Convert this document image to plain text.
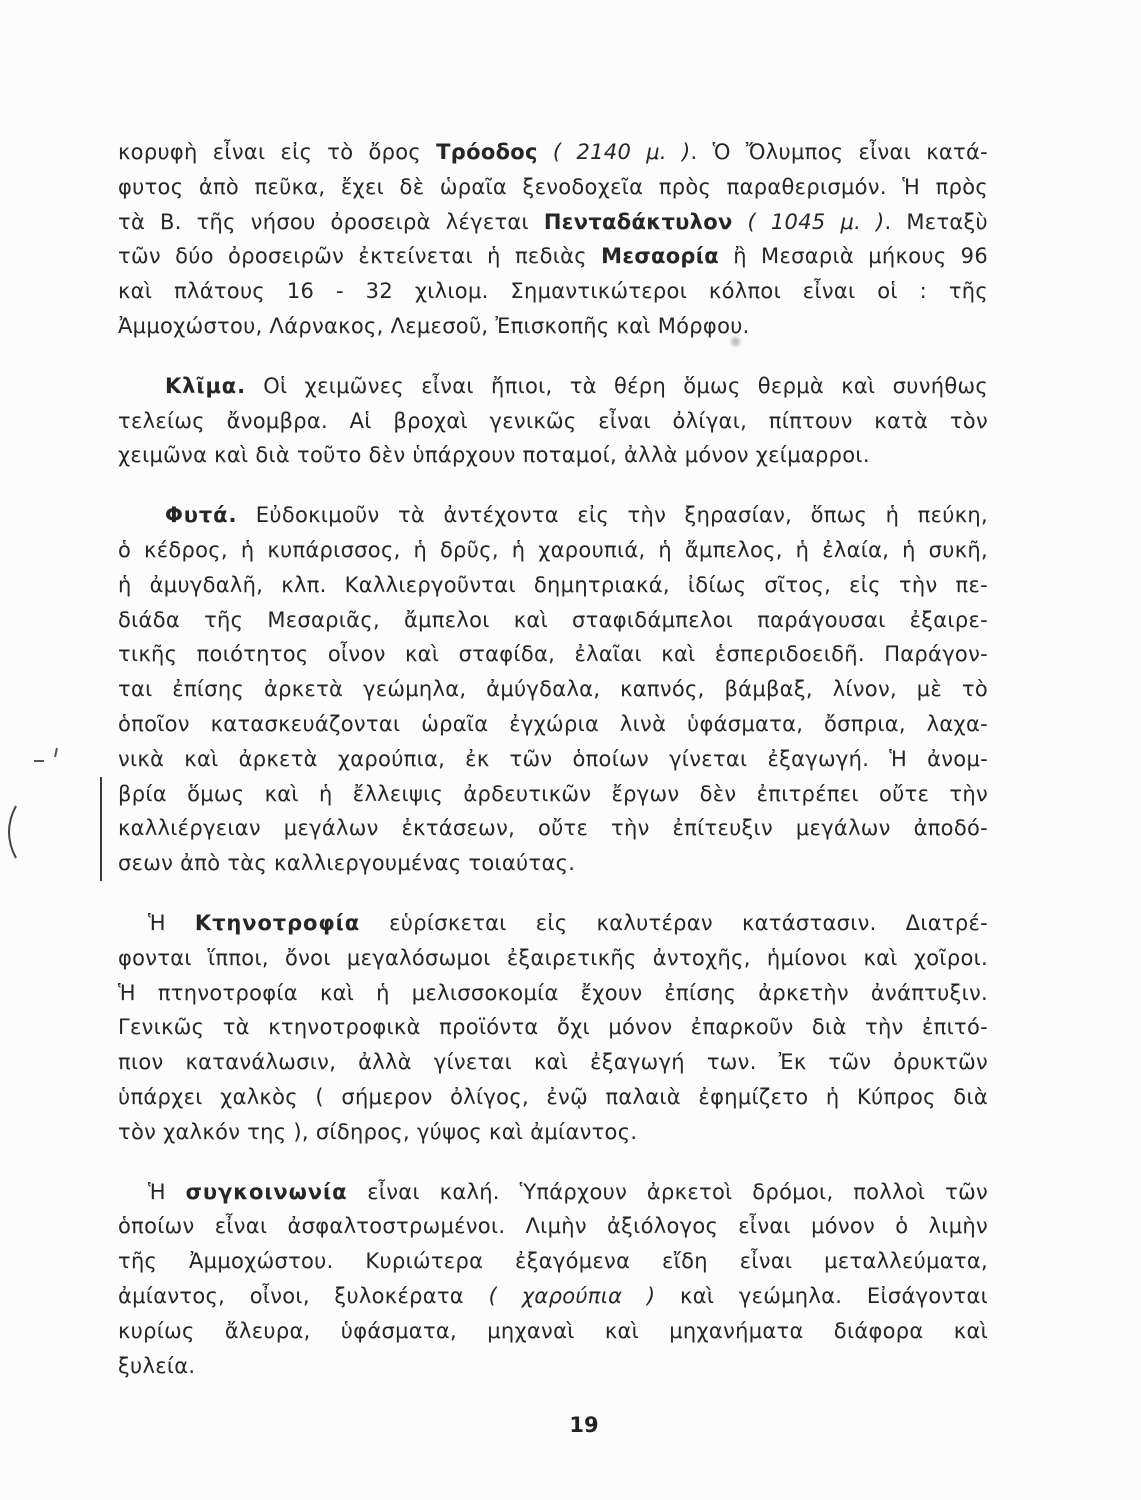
κορυφὴ εἶναι εἰς τὸ ὄρος Τρόοδος ( 2140 μ. ). Ὁ Ὄλυμπος εἶναι κατά-
φυτος ἀπὸ πεῦκα, ἔχει δὲ ὡραῖα ξενοδοχεῖα πρὸς παραθερισμόν. Ἡ πρὸς
τὰ Β. τῆς νήσου ὀροσειρὰ λέγεται Πενταδάκτυλον ( 1045 μ. ). Μεταξὺ
τῶν δύο ὀροσειρῶν ἐκτείνεται ἡ πεδιὰς Μεσαορία ἢ Μεσαριὰ μήκους 96
καὶ πλάτους 16 - 32 χιλιομ. Σημαντικώτεροι κόλποι εἶναι οἱ : τῆς
Ἀμμοχώστου, Λάρνακος, Λεμεσοῦ, Ἐπισκοπῆς καὶ Μόρφου.
Κλῖμα. Οἱ χειμῶνες εἶναι ἤπιοι, τὰ θέρη ὅμως θερμὰ καὶ συνήθως
τελείως ἄνομβρα. Αἱ βροχαὶ γενικῶς εἶναι ὀλίγαι, πίπτουν κατὰ τὸν
χειμῶνα καὶ διὰ τοῦτο δὲν ὑπάρχουν ποταμοί, ἀλλὰ μόνον χείμαρροι.
Φυτά. Εὐδοκιμοῦν τὰ ἀντέχοντα εἰς τὴν ξηρασίαν, ὅπως ἡ πεύκη,
ὁ κέδρος, ἡ κυπάρισσος, ἡ δρῦς, ἡ χαρουπιά, ἡ ἄμπελος, ἡ ἐλαία, ἡ συκῆ,
ἡ ἀμυγδαλῆ, κλπ. Καλλιεργοῦνται δημητριακά, ἰδίως σῖτος, εἰς τὴν πε-
διάδα τῆς Μεσαριᾶς, ἄμπελοι καὶ σταφιδάμπελοι παράγουσαι ἐξαιρε-
τικῆς ποιότητος οἶνον καὶ σταφίδα, ἐλαῖαι καὶ ἑσπεριδοειδῆ. Παράγον-
ται ἐπίσης ἀρκετὰ γεώμηλα, ἀμύγδαλα, καπνός, βάμβαξ, λίνον, μὲ τὸ
ὁποῖον κατασκευάζονται ὡραῖα ἐγχώρια λινὰ ὑφάσματα, ὄσπρια, λαχα-
νικὰ καὶ ἀρκετὰ χαρούπια, ἐκ τῶν ὁποίων γίνεται ἐξαγωγή. Ἡ ἀνομ-
βρία ὅμως καὶ ἡ ἔλλειψις ἀρδευτικῶν ἔργων δὲν ἐπιτρέπει οὔτε τὴν
καλλιέργειαν μεγάλων ἐκτάσεων, οὔτε τὴν ἐπίτευξιν μεγάλων ἀποδό-
σεων ἀπὸ τὰς καλλιεργουμένας τοιαύτας.
Ἡ Κτηνοτροφία εὑρίσκεται εἰς καλυτέραν κατάστασιν. Διατρέ-
φονται ἵπποι, ὄνοι μεγαλόσωμοι ἐξαιρετικῆς ἀντοχῆς, ἡμίονοι καὶ χοῖροι.
Ἡ πτηνοτροφία καὶ ἡ μελισσοκομία ἔχουν ἐπίσης ἀρκετὴν ἀνάπτυξιν.
Γενικῶς τὰ κτηνοτροφικὰ προϊόντα ὄχι μόνον ἐπαρκοῦν διὰ τὴν ἐπιτό-
πιον κατανάλωσιν, ἀλλὰ γίνεται καὶ ἐξαγωγή των. Ἐκ τῶν ὀρυκτῶν
ὑπάρχει χαλκὸς ( σήμερον ὀλίγος, ἐνῷ παλαιὰ ἐφημίζετο ἡ Κύπρος διὰ
τὸν χαλκόν της ), σίδηρος, γύψος καὶ ἀμίαντος.
Ἡ συγκοινωνία εἶναι καλή. Ὑπάρχουν ἀρκετοὶ δρόμοι, πολλοὶ τῶν
ὁποίων εἶναι ἀσφαλτοστρωμένοι. Λιμὴν ἀξιόλογος εἶναι μόνον ὁ λιμὴν
τῆς Ἀμμοχώστου. Κυριώτερα ἐξαγόμενα εἴδη εἶναι μεταλλεύματα,
ἀμίαντος, οἶνοι, ξυλοκέρατα ( χαρούπια ) καὶ γεώμηλα. Εἰσάγονται
κυρίως ἄλευρα, ὑφάσματα, μηχαναὶ καὶ μηχανήματα διάφορα καὶ
ξυλεία.
19
